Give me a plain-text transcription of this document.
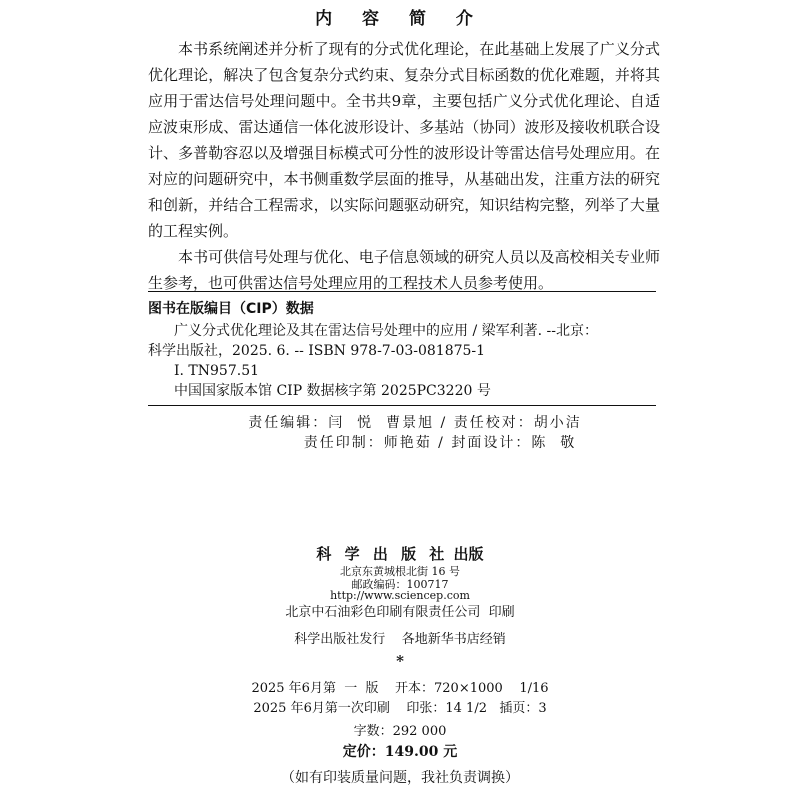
内 容 简 介

本书系统阐述并分析了现有的分式优化理论，在此基础上发展了广义分式优化理论，解决了包含复杂分式约束、复杂分式目标函数的优化难题，并将其应用于雷达信号处理问题中。全书共9章，主要包括广义分式优化理论、自适应波束形成、雷达通信一体化波形设计、多基站（协同）波形及接收机联合设计、多普勒容忍以及增强目标模式可分性的波形设计等雷达信号处理应用。在对应的问题研究中，本书侧重数学层面的推导，从基础出发，注重方法的研究和创新，并结合工程需求，以实际问题驱动研究，知识结构完整，列举了大量的工程实例。

本书可供信号处理与优化、电子信息领域的研究人员以及高校相关专业师生参考，也可供雷达信号处理应用的工程技术人员参考使用。

图书在版编目（CIP）数据
广义分式优化理论及其在雷达信号处理中的应用 / 梁军利著. --北京：
科学出版社，2025. 6. -- ISBN 978-7-03-081875-1
I. TN957.51
中国国家版本馆 CIP 数据核字第 2025PC3220 号
责任编辑：闫  悦  曹景旭 / 责任校对：胡小洁
责任印制：师艳茹 / 封面设计：陈  敬
科 学 出 版 社 出版
北京东黄城根北街 16 号
邮政编码：100717
http://www.sciencep.com
北京中石油彩色印刷有限责任公司  印刷
科学出版社发行    各地新华书店经销
*
2025 年6月第  一  版    开本：720×1000    1/16
2025 年6月第一次印刷    印张：14 1/2   插页：3
字数：292 000
定价：149.00 元
（如有印装质量问题，我社负责调换）
